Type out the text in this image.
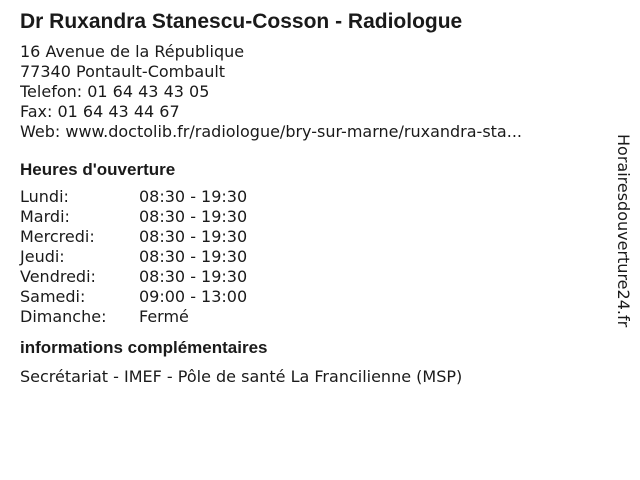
Dr Ruxandra Stanescu-Cosson - Radiologue
16 Avenue de la République
77340 Pontault-Combault
Telefon: 01 64 43 43 05
Fax: 01 64 43 44 67
Web: www.doctolib.fr/radiologue/bry-sur-marne/ruxandra-sta...
Heures d'ouverture
Lundi:	08:30 - 19:30
Mardi:	08:30 - 19:30
Mercredi:	08:30 - 19:30
Jeudi:	08:30 - 19:30
Vendredi:	08:30 - 19:30
Samedi:	09:00 - 13:00
Dimanche:	Fermé
informations complémentaires
Secrétariat - IMEF - Pôle de santé La Francilienne (MSP)
Horairesdouverture24.fr
